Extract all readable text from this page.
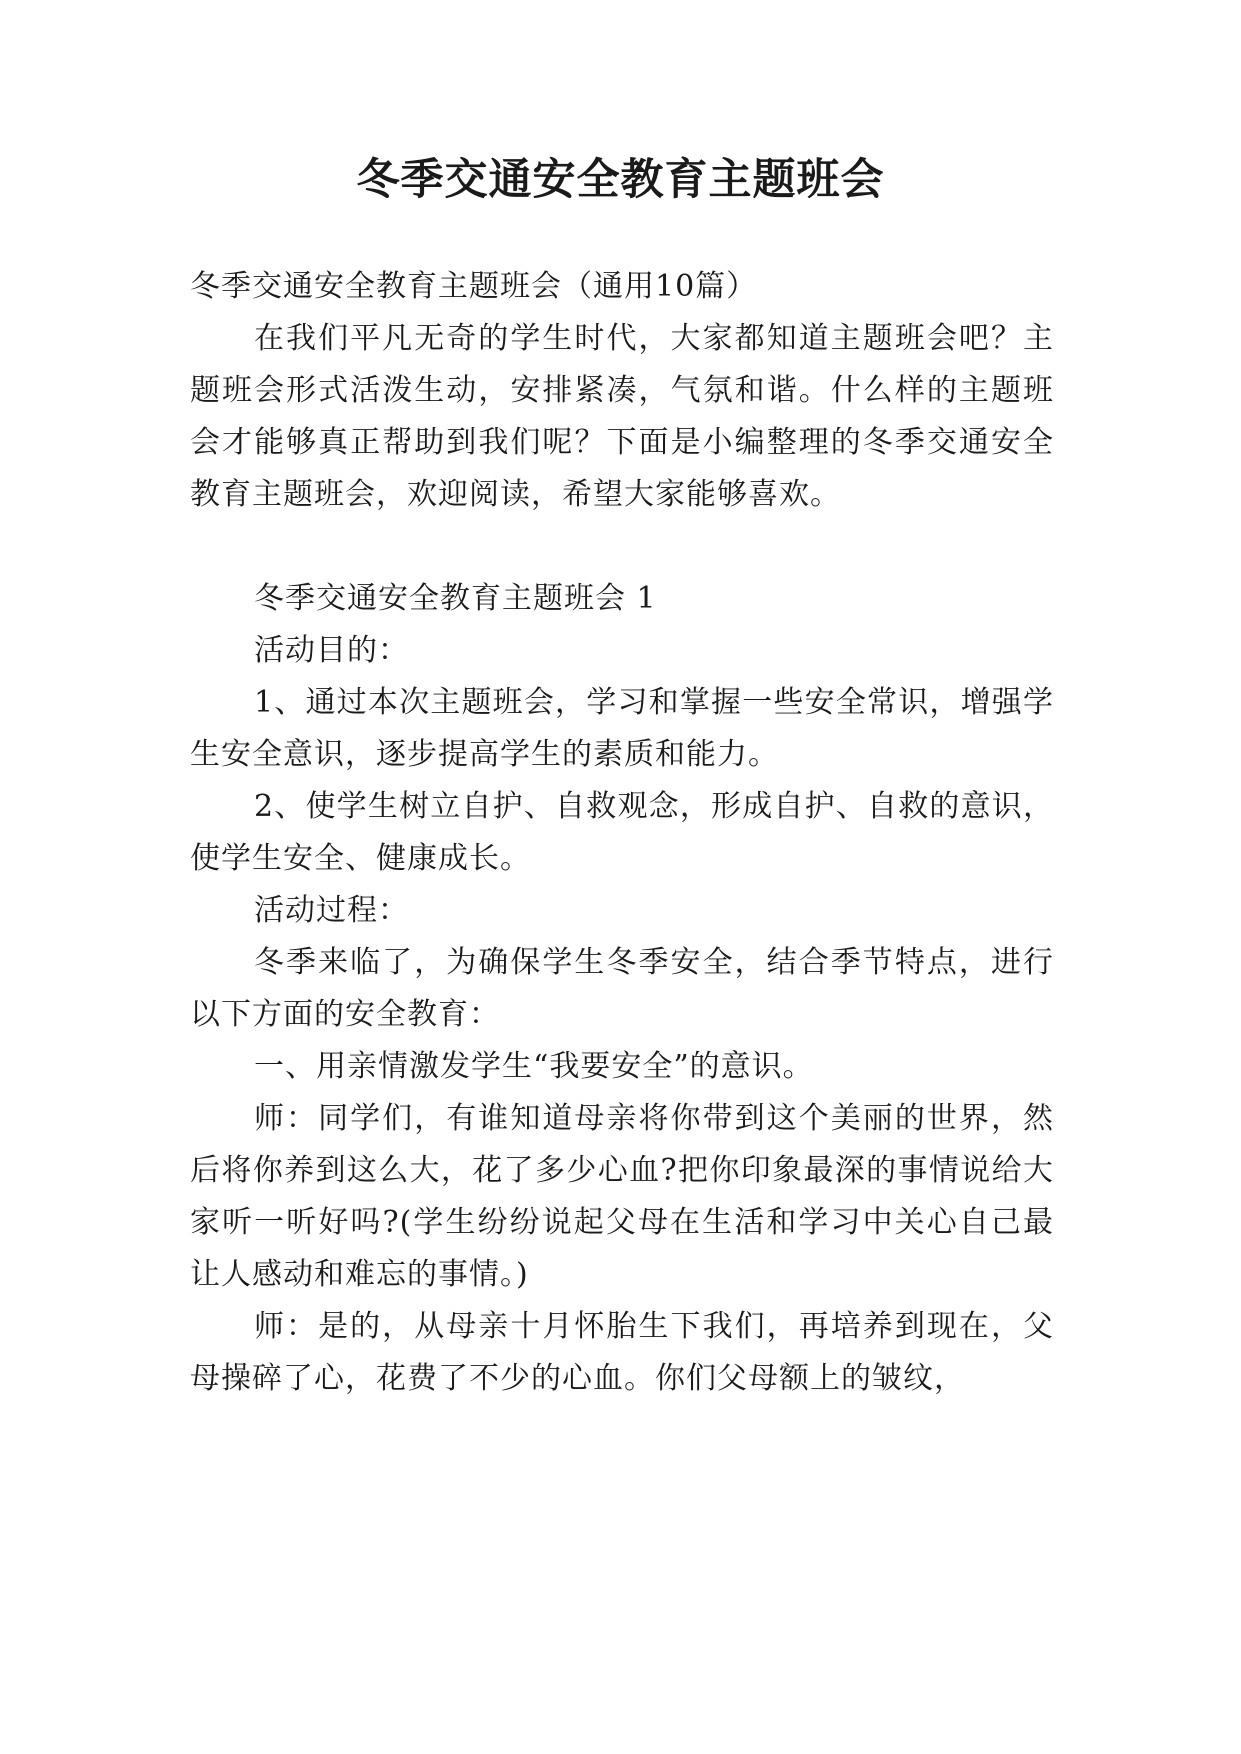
冬季交通安全教育主题班会

冬季交通安全教育主题班会（通用10篇）

在我们平凡无奇的学生时代，大家都知道主题班会吧？主题班会形式活泼生动，安排紧凑，气氛和谐。什么样的主题班会才能够真正帮助到我们呢？下面是小编整理的冬季交通安全教育主题班会，欢迎阅读，希望大家能够喜欢。

冬季交通安全教育主题班会 1

活动目的：

1、通过本次主题班会，学习和掌握一些安全常识，增强学生安全意识，逐步提高学生的素质和能力。

2、使学生树立自护、自救观念，形成自护、自救的意识，使学生安全、健康成长。

活动过程：

冬季来临了，为确保学生冬季安全，结合季节特点，进行以下方面的安全教育：

一、用亲情激发学生“我要安全”的意识。

师：同学们，有谁知道母亲将你带到这个美丽的世界，然后将你养到这么大，花了多少心血?把你印象最深的事情说给大家听一听好吗?(学生纷纷说起父母在生活和学习中关心自己最让人感动和难忘的事情。)

师：是的，从母亲十月怀胎生下我们，再培养到现在，父母操碎了心，花费了不少的心血。你们父母额上的皱纹，
